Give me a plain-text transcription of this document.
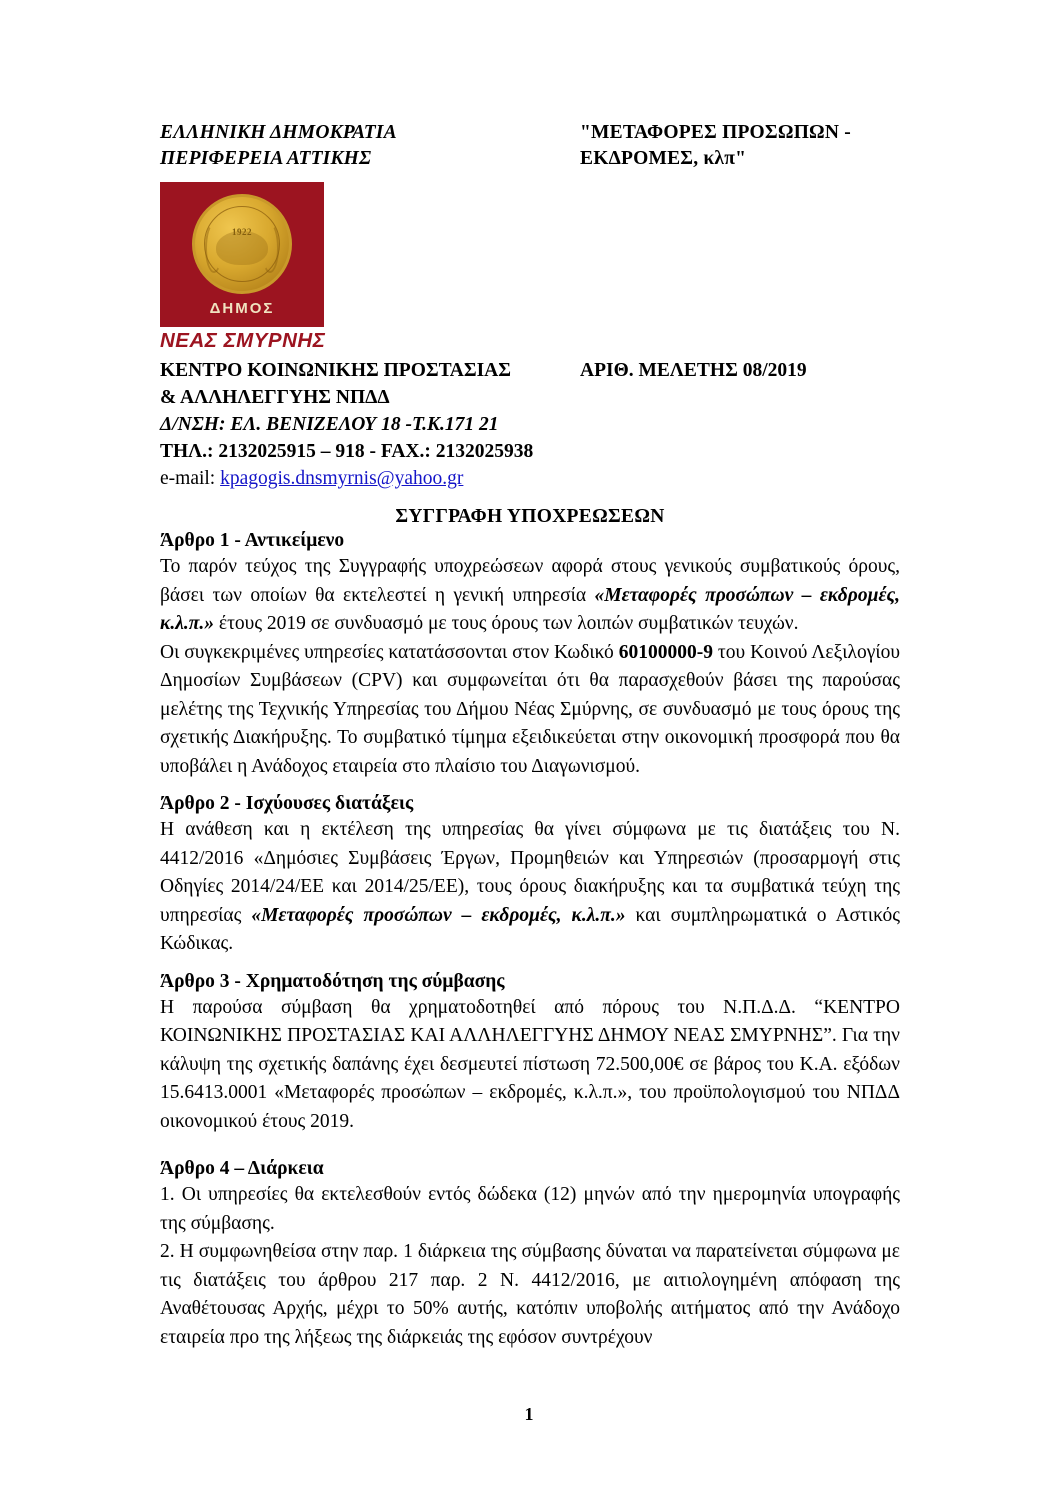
ΕΛΛΗΝΙΚΗ ΔΗΜΟΚΡΑΤΙΑ
ΠΕΡΙΦΕΡΕΙΑ ΑΤΤΙΚΗΣ
"ΜΕΤΑΦΟΡΕΣ ΠΡΟΣΩΠΩΝ -
ΕΚΔΡΟΜΕΣ, κλπ"
1922
ΔΗΜΟΣ
ΝΕΑΣ ΣΜΥΡΝΗΣ
ΚΕΝΤΡΟ ΚΟΙΝΩΝΙΚΗΣ ΠΡΟΣΤΑΣΙΑΣ	ΑΡΙΘ. ΜΕΛΕΤΗΣ 08/2019
& ΑΛΛΗΛΕΓΓΥΗΣ ΝΠΔΔ
Δ/ΝΣΗ: ΕΛ. ΒΕΝΙΖΕΛΟΥ 18 -Τ.Κ.171 21
ΤΗΛ.: 2132025915 – 918 - FAX.: 2132025938
e-mail: kpagogis.dnsmyrnis@yahoo.gr
ΣΥΓΓΡΑΦΗ ΥΠΟΧΡΕΩΣΕΩΝ
Άρθρο 1 - Αντικείμενο

Το παρόν τεύχος της Συγγραφής υποχρεώσεων αφορά στους γενικούς συμβατικούς όρους, βάσει των οποίων θα εκτελεστεί η γενική υπηρεσία «Μεταφορές προσώπων – εκδρομές, κ.λ.π.» έτους 2019 σε συνδυασμό με τους όρους των λοιπών συμβατικών τευχών.

Οι συγκεκριμένες υπηρεσίες κατατάσσονται στον Κωδικό 60100000-9 του Κοινού Λεξιλογίου Δημοσίων Συμβάσεων (CPV) και συμφωνείται ότι θα παρασχεθούν βάσει της παρούσας μελέτης της Τεχνικής Υπηρεσίας του Δήμου Νέας Σμύρνης, σε συνδυασμό με τους όρους της σχετικής Διακήρυξης. Το συμβατικό τίμημα εξειδικεύεται στην οικονομική προσφορά που θα υποβάλει η Ανάδοχος εταιρεία στο πλαίσιο του Διαγωνισμού.

Άρθρο 2 - Ισχύουσες διατάξεις

Η ανάθεση και η εκτέλεση της υπηρεσίας θα γίνει σύμφωνα με τις διατάξεις του Ν. 4412/2016 «Δημόσιες Συμβάσεις Έργων, Προμηθειών και Υπηρεσιών (προσαρμογή στις Οδηγίες 2014/24/ΕΕ και 2014/25/ΕΕ), τους όρους διακήρυξης και τα συμβατικά τεύχη της υπηρεσίας «Μεταφορές προσώπων – εκδρομές, κ.λ.π.» και συμπληρωματικά ο Αστικός Κώδικας.

Άρθρο 3 - Χρηματοδότηση της σύμβασης

Η παρούσα σύμβαση θα χρηματοδοτηθεί από πόρους του Ν.Π.Δ.Δ. “ΚΕΝΤΡΟ ΚΟΙΝΩΝΙΚΗΣ ΠΡΟΣΤΑΣΙΑΣ ΚΑΙ ΑΛΛΗΛΕΓΓΥΗΣ ΔΗΜΟΥ ΝΕΑΣ ΣΜΥΡΝΗΣ”. Για την κάλυψη της σχετικής δαπάνης έχει δεσμευτεί πίστωση 72.500,00€ σε βάρος του Κ.Α. εξόδων 15.6413.0001 «Μεταφορές προσώπων – εκδρομές, κ.λ.π.», του προϋπολογισμού του ΝΠΔΔ οικονομικού έτους 2019.

Άρθρο 4 – Διάρκεια

1. Οι υπηρεσίες θα εκτελεσθούν εντός δώδεκα (12) μηνών από την ημερομηνία υπογραφής της σύμβασης.

2. Η συμφωνηθείσα στην παρ. 1 διάρκεια της σύμβασης δύναται να παρατείνεται σύμφωνα με τις διατάξεις του άρθρου 217 παρ. 2 Ν. 4412/2016, με αιτιολογημένη απόφαση της Αναθέτουσας Αρχής, μέχρι το 50% αυτής, κατόπιν υποβολής αιτήματος από την Ανάδοχο εταιρεία προ της λήξεως της διάρκειάς της εφόσον συντρέχουν

1
